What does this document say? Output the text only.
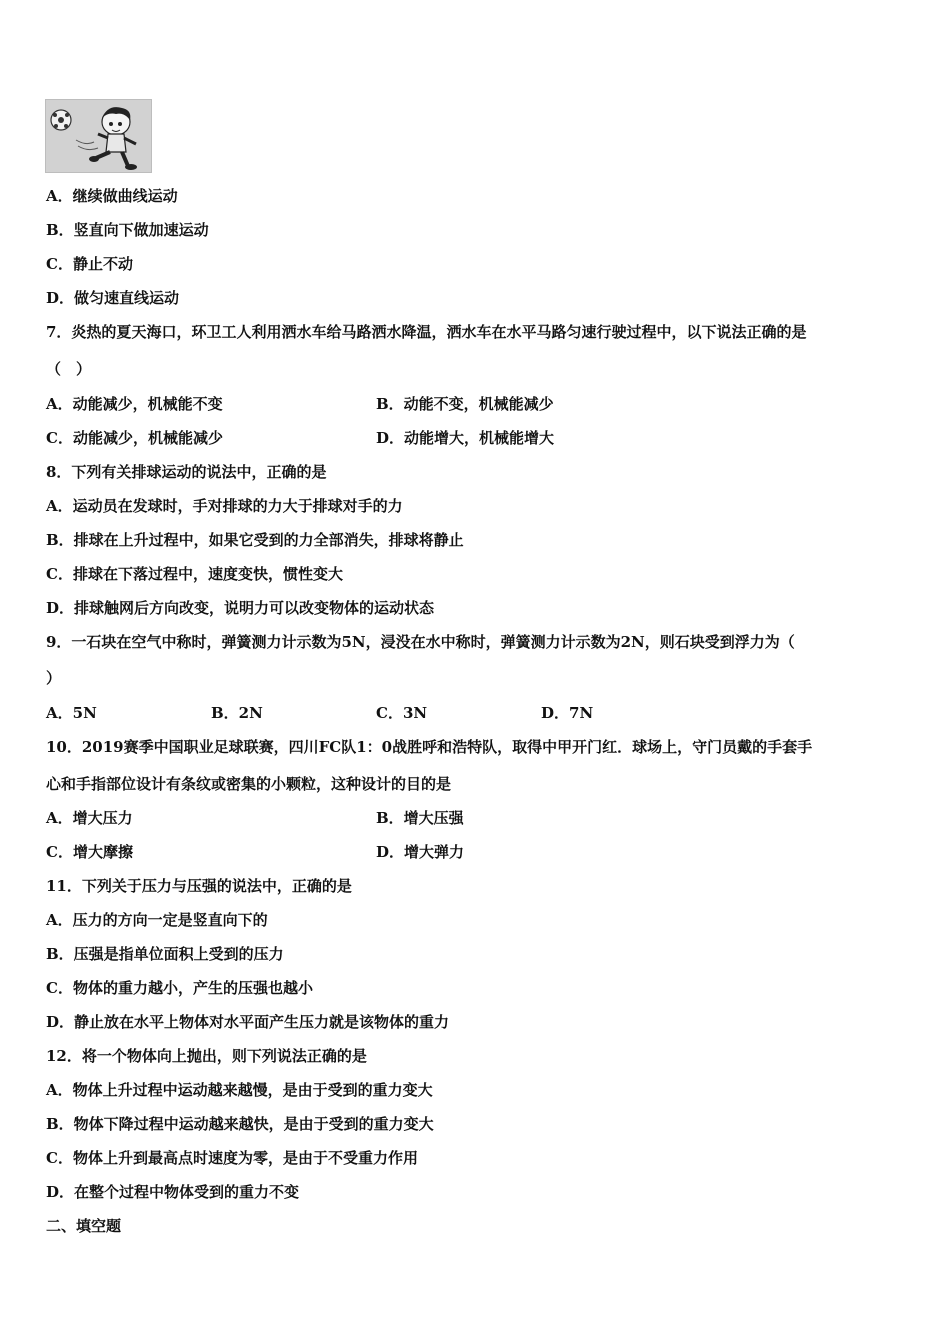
A．继续做曲线运动
B．竖直向下做加速运动
C．静止不动
D．做匀速直线运动
7．炎热的夏天海口，环卫工人利用洒水车给马路洒水降温，洒水车在水平马路匀速行驶过程中，以下说法正确的是
（　）
A．动能减少，机械能不变	B．动能不变，机械能减少
C．动能减少，机械能减少	D．动能增大，机械能增大
8．下列有关排球运动的说法中，正确的是
A．运动员在发球时，手对排球的力大于排球对手的力
B．排球在上升过程中，如果它受到的力全部消失，排球将静止
C．排球在下落过程中，速度变快，惯性变大
D．排球触网后方向改变，说明力可以改变物体的运动状态
9．一石块在空气中称时，弹簧测力计示数为5N，浸没在水中称时，弹簧测力计示数为2N，则石块受到浮力为（
）
A．5N	B．2N	C．3N	D．7N
10．2019赛季中国职业足球联赛，四川FC队1：0战胜呼和浩特队，取得中甲开门红．球场上，守门员戴的手套手
心和手指部位设计有条纹或密集的小颗粒，这种设计的目的是
A．增大压力	B．增大压强
C．增大摩擦	D．增大弹力
11．下列关于压力与压强的说法中，正确的是
A．压力的方向一定是竖直向下的
B．压强是指单位面积上受到的压力
C．物体的重力越小，产生的压强也越小
D．静止放在水平上物体对水平面产生压力就是该物体的重力
12．将一个物体向上抛出，则下列说法正确的是
A．物体上升过程中运动越来越慢，是由于受到的重力变大
B．物体下降过程中运动越来越快，是由于受到的重力变大
C．物体上升到最高点时速度为零，是由于不受重力作用
D．在整个过程中物体受到的重力不变
二、填空题
